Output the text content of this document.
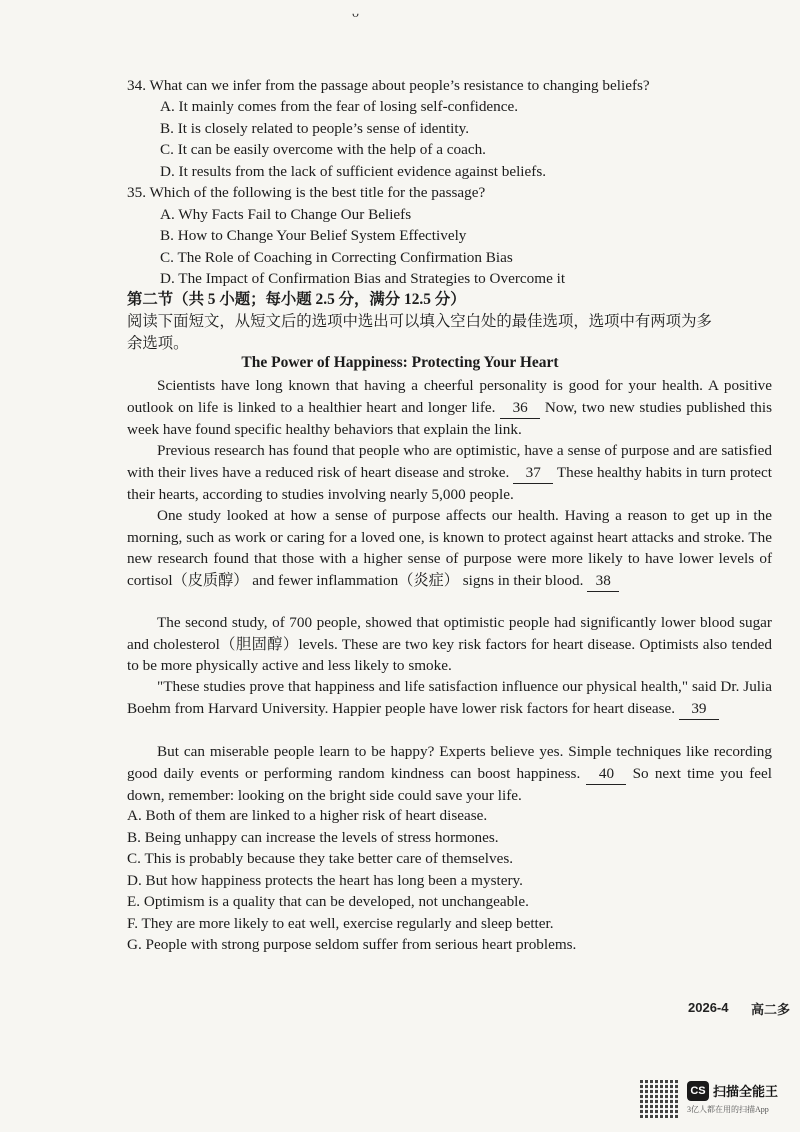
ᴗ
34. What can we infer from the passage about people’s resistance to changing beliefs?
A. It mainly comes from the fear of losing self-confidence.
B. It is closely related to people’s sense of identity.
C. It can be easily overcome with the help of a coach.
D. It results from the lack of sufficient evidence against beliefs.
35. Which of the following is the best title for the passage?
A. Why Facts Fail to Change Our Beliefs
B. How to Change Your Belief System Effectively
C. The Role of Coaching in Correcting Confirmation Bias
D. The Impact of Confirmation Bias and Strategies to Overcome it
第二节（共 5 小题；每小题 2.5 分，满分 12.5 分）
阅读下面短文，从短文后的选项中选出可以填入空白处的最佳选项，选项中有两项为多
余选项。
The Power of Happiness: Protecting Your Heart

Scientists have long known that having a cheerful personality is good for your health. A positive outlook on life is linked to a healthier heart and longer life. 36 Now, two new studies published this week have found specific healthy behaviors that explain the link.

Previous research has found that people who are optimistic, have a sense of purpose and are satisfied with their lives have a reduced risk of heart disease and stroke. 37 These healthy habits in turn protect their hearts, according to studies involving nearly 5,000 people.

One study looked at how a sense of purpose affects our health. Having a reason to get up in the morning, such as work or caring for a loved one, is known to protect against heart attacks and stroke. The new research found that those with a higher sense of purpose were more likely to have lower levels of cortisol（皮质醇） and fewer inflammation（炎症） signs in their blood. 38

The second study, of 700 people, showed that optimistic people had significantly lower blood sugar and cholesterol（胆固醇）levels. These are two key risk factors for heart disease. Optimists also tended to be more physically active and less likely to smoke.

"These studies prove that happiness and life satisfaction influence our physical health," said Dr. Julia Boehm from Harvard University. Happier people have lower risk factors for heart disease. 39

But can miserable people learn to be happy? Experts believe yes. Simple techniques like recording good daily events or performing random kindness can boost happiness. 40 So next time you feel down, remember: looking on the bright side could save your life.

A. Both of them are linked to a higher risk of heart disease.
B. Being unhappy can increase the levels of stress hormones.
C. This is probably because they take better care of themselves.
D. But how happiness protects the heart has long been a mystery.
E. Optimism is a quality that can be developed, not unchangeable.
F. They are more likely to eat well, exercise regularly and sleep better.
G. People with strong purpose seldom suffer from serious heart problems.
2026-4 高二多
CS 扫描全能王
3亿人都在用的扫描App
